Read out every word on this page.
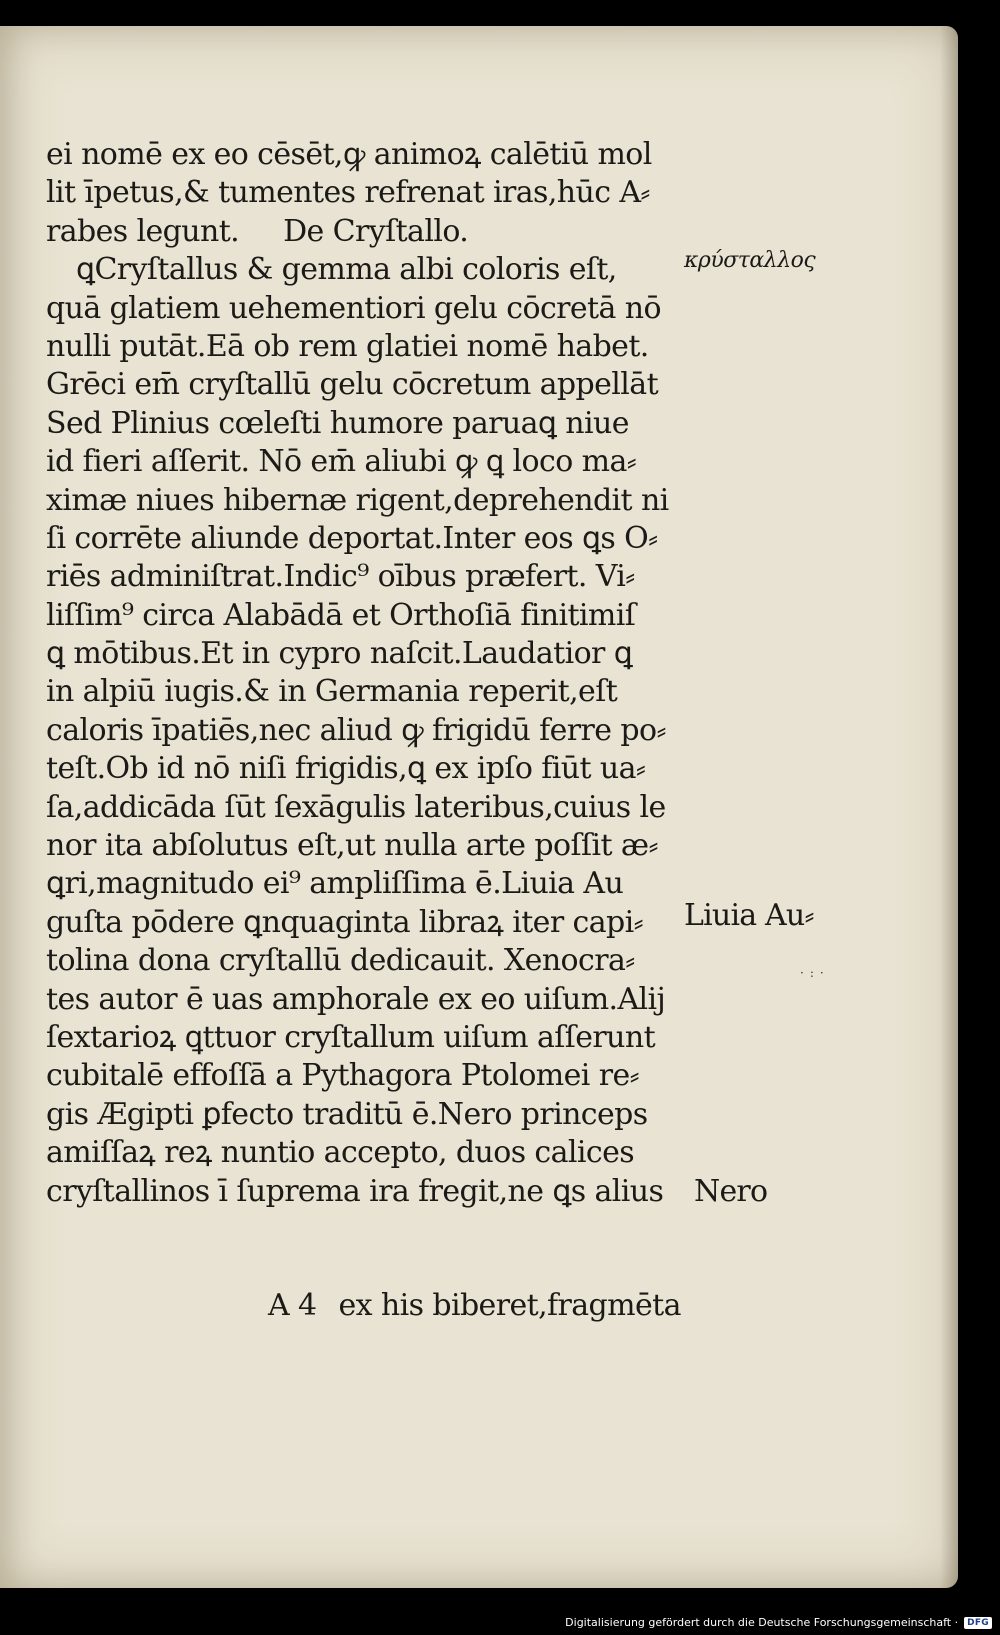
ei nomē ex eo cēsēt,ꝙ animoꝝ calētiū mol
lit īpetus,& tumentes refrenat iras,hūc A⸗
rabes legunt. De Cryſtallo.
ꝗCryſtallus & gemma albi coloris eſt,
quā glatiem uehementiori gelu cōcretā nō
nulli putāt.Eā ob rem glatiei nomē habet.
Grēci em̄ cryſtallū gelu cōcretum appellāt
Sed Plinius cœleſti humore paruaꝗ niue
id fieri aſſerit. Nō em̄ aliubi ꝙ ꝗ loco ma⸗
ximæ niues hibernæ rigent,deprehendit ni
ſi corrēte aliunde deportat.Inter eos ꝗs O⸗
riēs adminiſtrat.Indic⁹ oībus præfert. Vi⸗
liſſim⁹ circa Alabādā et Orthoſiā finitimiſ
ꝗ mōtibus.Et in cypro naſcit.Laudatior ꝗ
in alpiū iugis.& in Germania reperit,eſt
caloris īpatiēs,nec aliud ꝙ frigidū ferre po⸗
teſt.Ob id nō niſi frigidis,ꝗ ex ipſo fiūt ua⸗
ſa,addicāda ſūt ſexāgulis lateribus,cuius le
nor ita abſolutus eſt,ut nulla arte poſſit æ⸗
ꝗri,magnitudo ei⁹ ampliſſima ē.Liuia Au
guſta pōdere ꝗnquaginta libraꝝ iter capi⸗
tolina dona cryſtallū dedicauit. Xenocra⸗
tes autor ē uas amphorale ex eo uiſum.Alij
ſextarioꝝ ꝗttuor cryſtallum uiſum aſſerunt
cubitalē effoſſā a Pythagora Ptolomei re⸗
gis Ægipti ꝑfecto traditū ē.Nero princeps
amiſſaꝝ reꝝ nuntio accepto, duos calices
cryſtallinos ī ſuprema ira fregit,ne ꝗs alius
A 4 ex his biberet,fragmēta
κρύσταλλος
Liuia Au⸗
Nero
·:·
Digitalisierung gefördert durch die Deutsche Forschungsgemeinschaft ·	DFG
